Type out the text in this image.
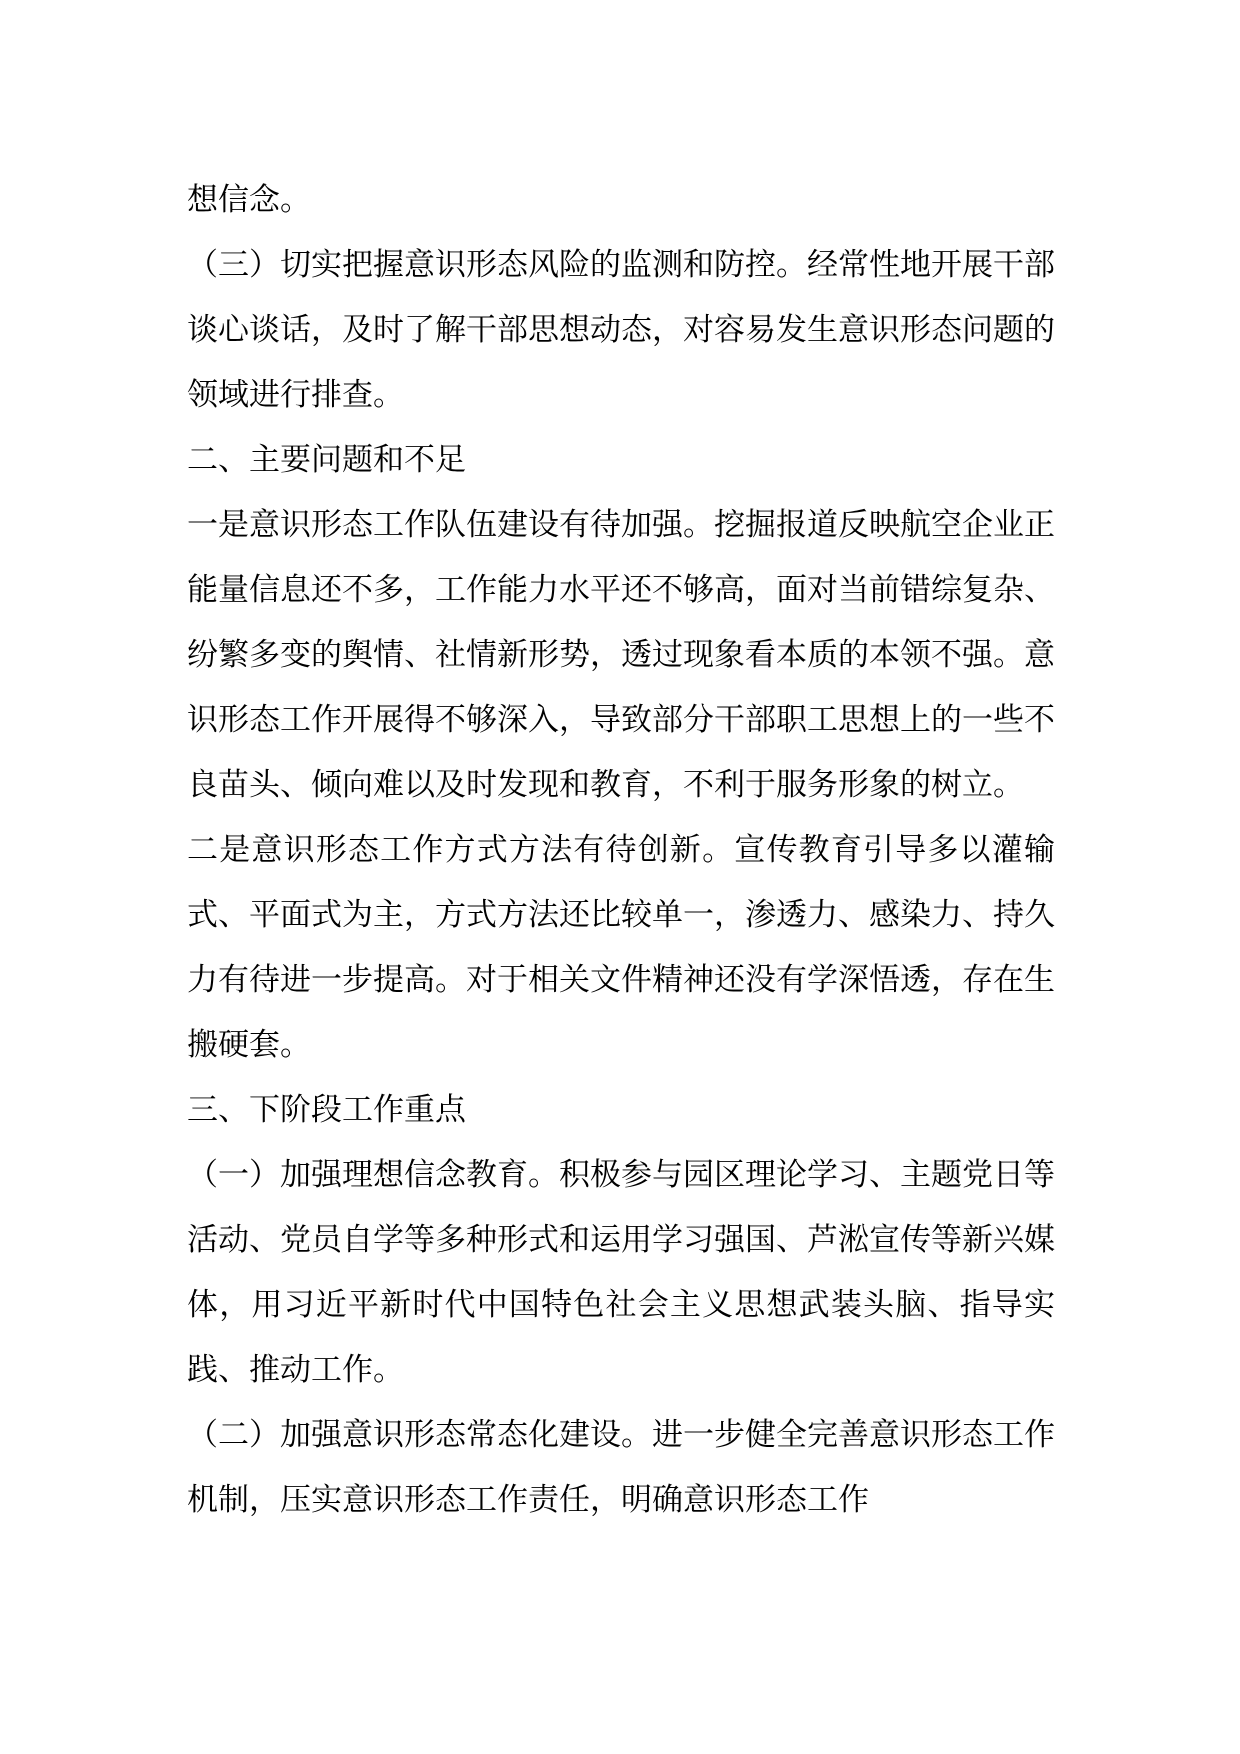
想信念。

（三）切实把握意识形态风险的监测和防控。经常性地开展干部谈心谈话，及时了解干部思想动态，对容易发生意识形态问题的领域进行排查。

二、主要问题和不足

一是意识形态工作队伍建设有待加强。挖掘报道反映航空企业正能量信息还不多，工作能力水平还不够高，面对当前错综复杂、纷繁多变的舆情、社情新形势，透过现象看本质的本领不强。意识形态工作开展得不够深入，导致部分干部职工思想上的一些不良苗头、倾向难以及时发现和教育，不利于服务形象的树立。

二是意识形态工作方式方法有待创新。宣传教育引导多以灌输式、平面式为主，方式方法还比较单一，渗透力、感染力、持久力有待进一步提高。对于相关文件精神还没有学深悟透，存在生搬硬套。

三、下阶段工作重点

（一）加强理想信念教育。积极参与园区理论学习、主题党日等活动、党员自学等多种形式和运用学习强国、芦淞宣传等新兴媒体，用习近平新时代中国特色社会主义思想武装头脑、指导实践、推动工作。

（二）加强意识形态常态化建设。进一步健全完善意识形态工作机制，压实意识形态工作责任，明确意识形态工作
